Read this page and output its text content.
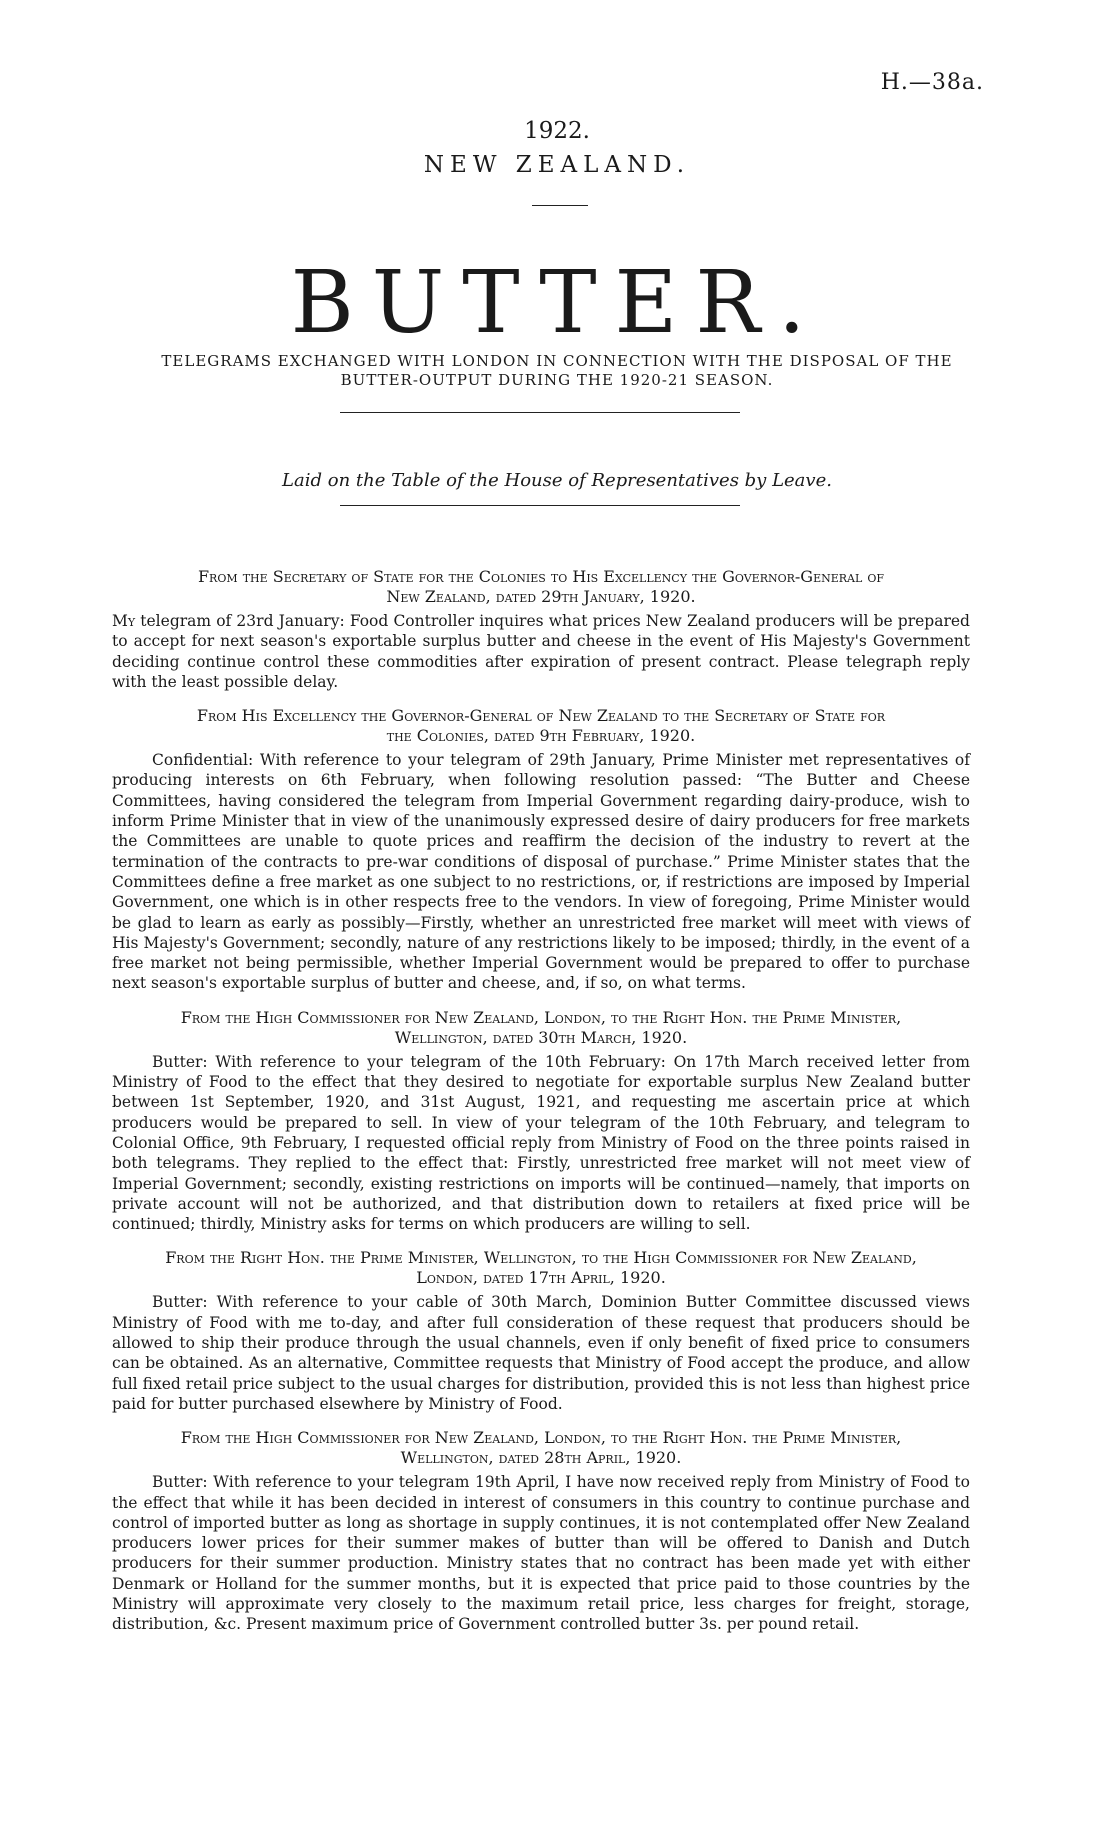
H.—38a.
1922.
NEW ZEALAND.
BUTTER.
TELEGRAMS EXCHANGED WITH LONDON IN CONNECTION WITH THE DISPOSAL OF THE BUTTER-OUTPUT DURING THE 1920-21 SEASON.
Laid on the Table of the House of Representatives by Leave.
From the Secretary of State for the Colonies to His Excellency the Governor-General of
New Zealand, dated 29th January, 1920.

My telegram of 23rd January: Food Controller inquires what prices New Zealand producers will be prepared to accept for next season's exportable surplus butter and cheese in the event of His Majesty's Government deciding continue control these commodities after expiration of present contract. Please telegraph reply with the least possible delay.

From His Excellency the Governor-General of New Zealand to the Secretary of State for
the Colonies, dated 9th February, 1920.

Confidential: With reference to your telegram of 29th January, Prime Minister met representatives of producing interests on 6th February, when following resolution passed: “The Butter and Cheese Committees, having considered the telegram from Imperial Government regarding dairy-produce, wish to inform Prime Minister that in view of the unanimously expressed desire of dairy producers for free markets the Committees are unable to quote prices and reaffirm the decision of the industry to revert at the termination of the contracts to pre-war conditions of disposal of purchase.” Prime Minister states that the Committees define a free market as one subject to no restrictions, or, if restrictions are imposed by Imperial Government, one which is in other respects free to the vendors. In view of foregoing, Prime Minister would be glad to learn as early as possibly—Firstly, whether an unrestricted free market will meet with views of His Majesty's Government; secondly, nature of any restrictions likely to be imposed; thirdly, in the event of a free market not being permissible, whether Imperial Government would be prepared to offer to purchase next season's exportable surplus of butter and cheese, and, if so, on what terms.

From the High Commissioner for New Zealand, London, to the Right Hon. the Prime Minister,
Wellington, dated 30th March, 1920.

Butter: With reference to your telegram of the 10th February: On 17th March received letter from Ministry of Food to the effect that they desired to negotiate for exportable surplus New Zealand butter between 1st September, 1920, and 31st August, 1921, and requesting me ascertain price at which producers would be prepared to sell. In view of your telegram of the 10th February, and telegram to Colonial Office, 9th February, I requested official reply from Ministry of Food on the three points raised in both telegrams. They replied to the effect that: Firstly, unrestricted free market will not meet view of Imperial Government; secondly, existing restrictions on imports will be continued—namely, that imports on private account will not be authorized, and that distribution down to retailers at fixed price will be continued; thirdly, Ministry asks for terms on which producers are willing to sell.

From the Right Hon. the Prime Minister, Wellington, to the High Commissioner for New Zealand,
London, dated 17th April, 1920.

Butter: With reference to your cable of 30th March, Dominion Butter Committee discussed views Ministry of Food with me to-day, and after full consideration of these request that producers should be allowed to ship their produce through the usual channels, even if only benefit of fixed price to consumers can be obtained. As an alternative, Committee requests that Ministry of Food accept the produce, and allow full fixed retail price subject to the usual charges for distribution, provided this is not less than highest price paid for butter purchased elsewhere by Ministry of Food.

From the High Commissioner for New Zealand, London, to the Right Hon. the Prime Minister,
Wellington, dated 28th April, 1920.

Butter: With reference to your telegram 19th April, I have now received reply from Ministry of Food to the effect that while it has been decided in interest of consumers in this country to continue purchase and control of imported butter as long as shortage in supply continues, it is not contemplated offer New Zealand producers lower prices for their summer makes of butter than will be offered to Danish and Dutch producers for their summer production. Ministry states that no contract has been made yet with either Denmark or Holland for the summer months, but it is expected that price paid to those countries by the Ministry will approximate very closely to the maximum retail price, less charges for freight, storage, distribution, &c. Present maximum price of Government controlled butter 3s. per pound retail.
